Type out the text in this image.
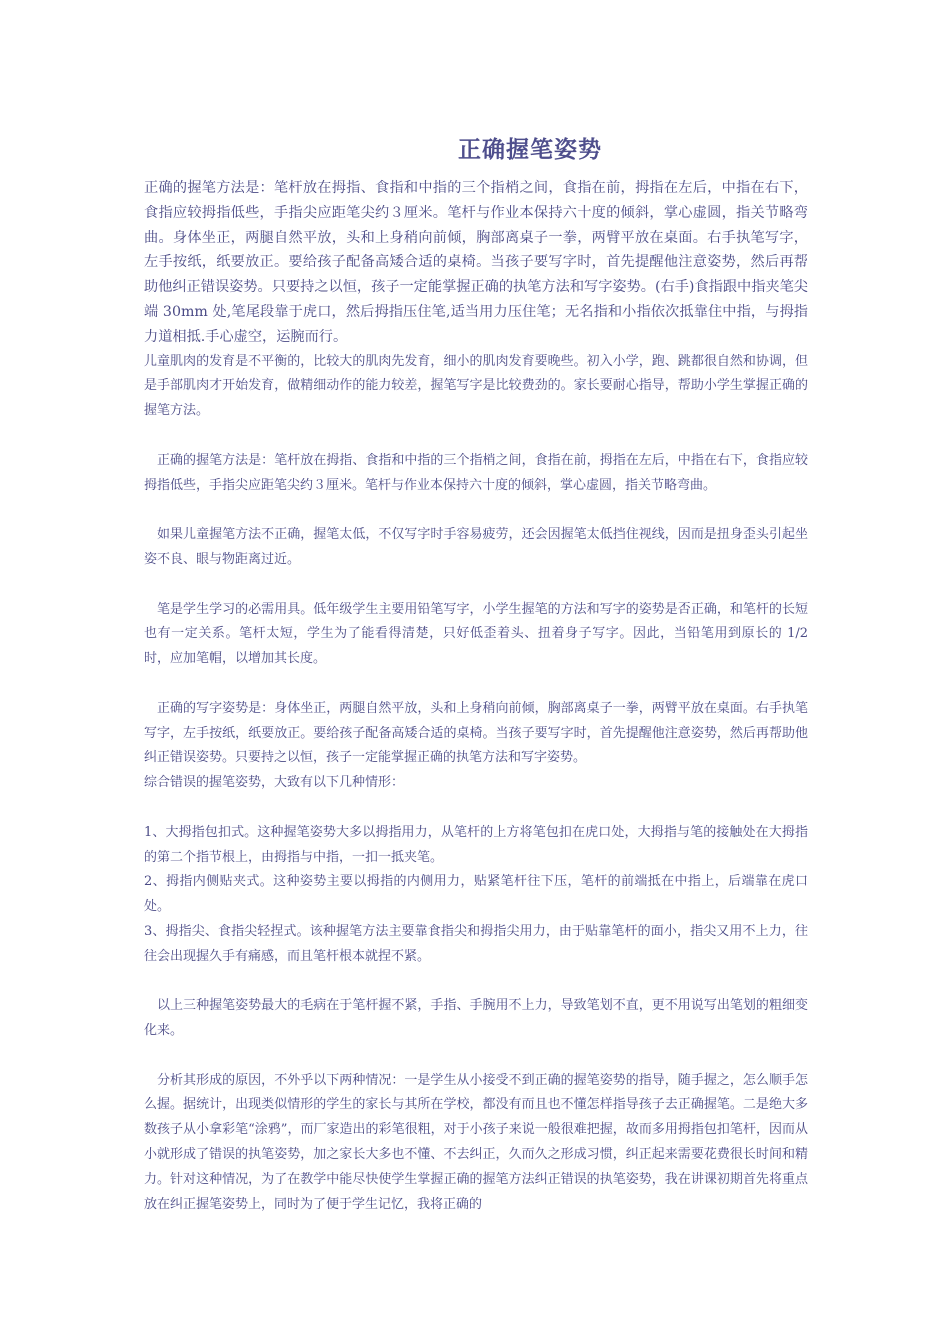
正确握笔姿势

正确的握笔方法是：笔杆放在拇指、食指和中指的三个指梢之间，食指在前，拇指在左后，中指在右下，食指应较拇指低些，手指尖应距笔尖约３厘米。笔杆与作业本保持六十度的倾斜，掌心虚圆，指关节略弯曲。身体坐正，两腿自然平放，头和上身稍向前倾，胸部离桌子一拳，两臂平放在桌面。右手执笔写字，左手按纸，纸要放正。要给孩子配备高矮合适的桌椅。当孩子要写字时，首先提醒他注意姿势，然后再帮助他纠正错误姿势。只要持之以恒，孩子一定能掌握正确的执笔方法和写字姿势。(右手)食指跟中指夹笔尖端 30mm 处,笔尾段靠于虎口，然后拇指压住笔,适当用力压住笔；无名指和小指依次抵靠住中指，与拇指力道相抵.手心虚空，运腕而行。

儿童肌肉的发育是不平衡的，比较大的肌肉先发育，细小的肌肉发育要晚些。初入小学，跑、跳都很自然和协调，但是手部肌肉才开始发育，做精细动作的能力较差，握笔写字是比较费劲的。家长要耐心指导，帮助小学生掌握正确的握笔方法。

　正确的握笔方法是：笔杆放在拇指、食指和中指的三个指梢之间，食指在前，拇指在左后，中指在右下，食指应较拇指低些，手指尖应距笔尖约３厘米。笔杆与作业本保持六十度的倾斜，掌心虚圆，指关节略弯曲。

　如果儿童握笔方法不正确，握笔太低，不仅写字时手容易疲劳，还会因握笔太低挡住视线，因而是扭身歪头引起坐姿不良、眼与物距离过近。

　笔是学生学习的必需用具。低年级学生主要用铅笔写字，小学生握笔的方法和写字的姿势是否正确，和笔杆的长短也有一定关系。笔杆太短，学生为了能看得清楚，只好低歪着头、扭着身子写字。因此，当铅笔用到原长的 1/2 时，应加笔帽，以增加其长度。

　正确的写字姿势是：身体坐正，两腿自然平放，头和上身稍向前倾，胸部离桌子一拳，两臂平放在桌面。右手执笔写字，左手按纸，纸要放正。要给孩子配备高矮合适的桌椅。当孩子要写字时，首先提醒他注意姿势，然后再帮助他纠正错误姿势。只要持之以恒，孩子一定能掌握正确的执笔方法和写字姿势。

综合错误的握笔姿势，大致有以下几种情形：

1、大拇指包扣式。这种握笔姿势大多以拇指用力，从笔杆的上方将笔包扣在虎口处，大拇指与笔的接触处在大拇指的第二个指节根上，由拇指与中指，一扣一抵夹笔。

2、拇指内侧贴夹式。这种姿势主要以拇指的内侧用力，贴紧笔杆往下压，笔杆的前端抵在中指上，后端靠在虎口处。

3、拇指尖、食指尖轻捏式。该种握笔方法主要靠食指尖和拇指尖用力，由于贴靠笔杆的面小，指尖又用不上力，往往会出现握久手有痛感，而且笔杆根本就捏不紧。

　以上三种握笔姿势最大的毛病在于笔杆握不紧，手指、手腕用不上力，导致笔划不直，更不用说写出笔划的粗细变化来。

　分析其形成的原因，不外乎以下两种情况：一是学生从小接受不到正确的握笔姿势的指导，随手握之，怎么顺手怎么握。据统计，出现类似情形的学生的家长与其所在学校，都没有而且也不懂怎样指导孩子去正确握笔。二是绝大多数孩子从小拿彩笔“涂鸦”，而厂家造出的彩笔很粗，对于小孩子来说一般很难把握，故而多用拇指包扣笔杆，因而从小就形成了错误的执笔姿势，加之家长大多也不懂、不去纠正，久而久之形成习惯，纠正起来需要花费很长时间和精力。针对这种情况，为了在教学中能尽快使学生掌握正确的握笔方法纠正错误的执笔姿势，我在讲课初期首先将重点放在纠正握笔姿势上，同时为了便于学生记忆，我将正确的
